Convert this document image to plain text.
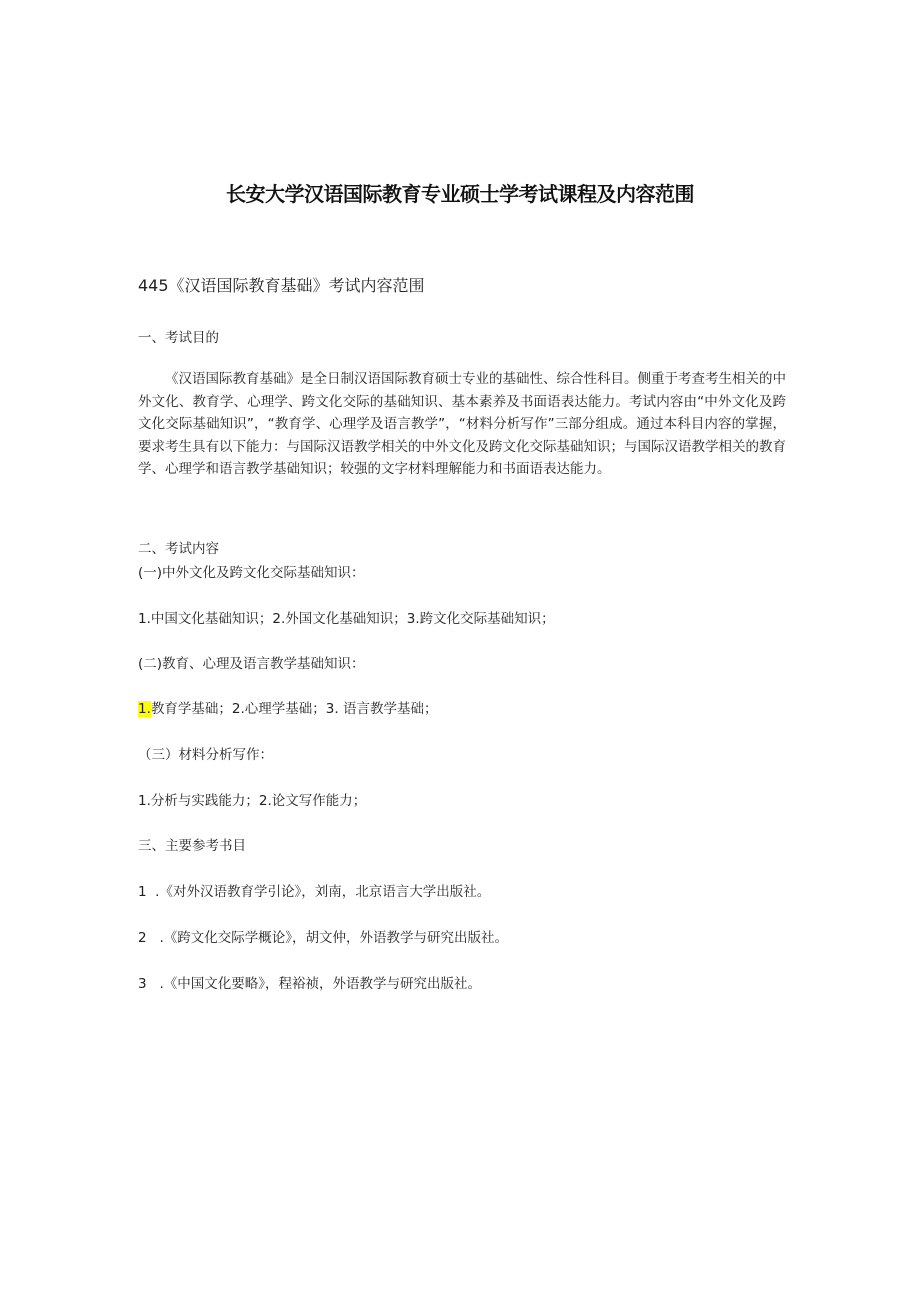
长安大学汉语国际教育专业硕士学考试课程及内容范围
445《汉语国际教育基础》考试内容范围
一、考试目的

《汉语国际教育基础》是全日制汉语国际教育硕士专业的基础性、综合性科目。侧重于考查考生相关的中外文化、教育学、心理学、跨文化交际的基础知识、基本素养及书面语表达能力。考试内容由“中外文化及跨文化交际基础知识”，“教育学、心理学及语言教学”，“材料分析写作”三部分组成。通过本科目内容的掌握，要求考生具有以下能力：与国际汉语教学相关的中外文化及跨文化交际基础知识；与国际汉语教学相关的教育学、心理学和语言教学基础知识；较强的文字材料理解能力和书面语表达能力。

二、考试内容
(一)中外文化及跨文化交际基础知识：
1.中国文化基础知识；2.外国文化基础知识；3.跨文化交际基础知识；
(二)教育、心理及语言教学基础知识：
1.教育学基础；2.心理学基础；3. 语言教学基础；
（三）材料分析写作：
1.分析与实践能力；2.论文写作能力；
三、主要参考书目
1  .《对外汉语教育学引论》，刘南，北京语言大学出版社。
2   .《跨文化交际学概论》，胡文仲，外语教学与研究出版社。
3   .《中国文化要略》，程裕祯，外语教学与研究出版社。
